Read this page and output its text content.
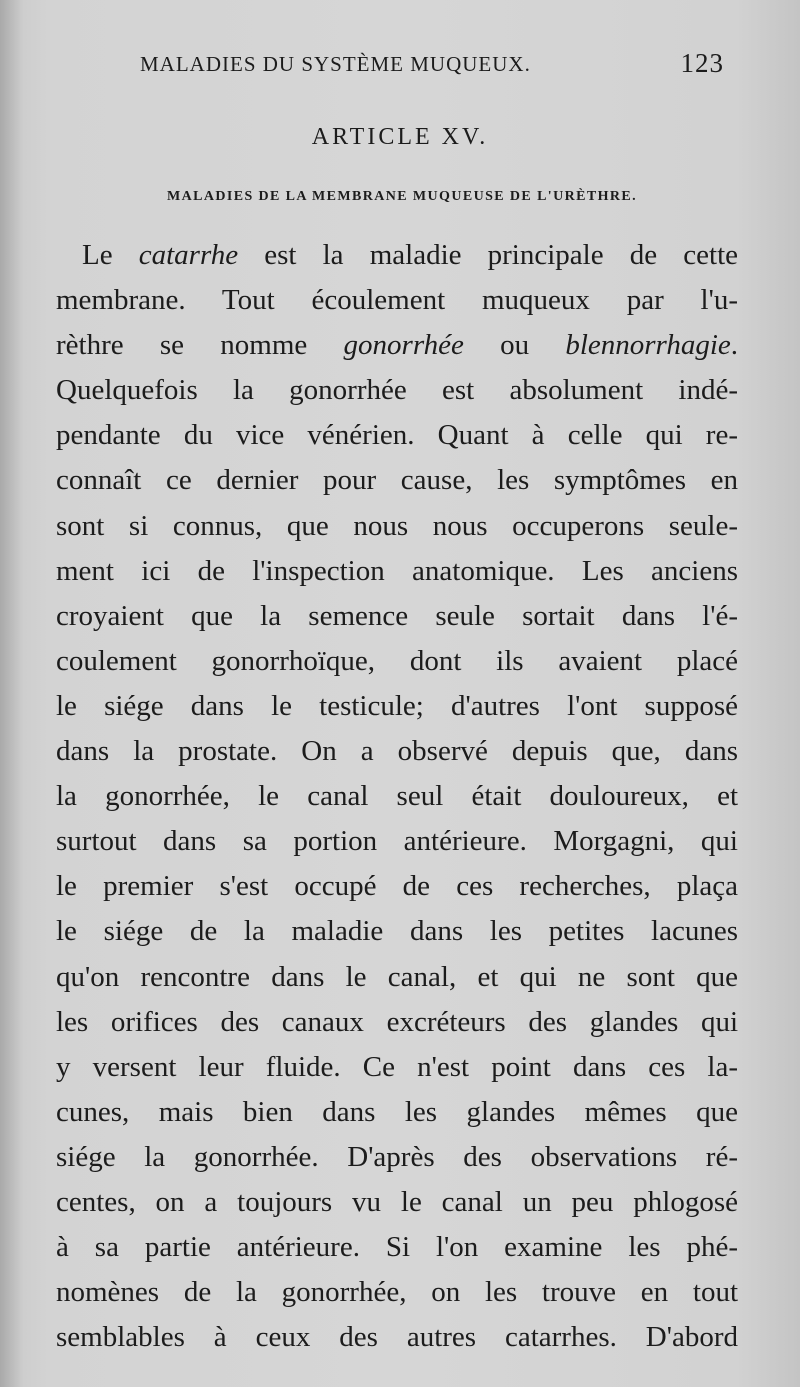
MALADIES DU SYSTÈME MUQUEUX.	123
ARTICLE XV.
MALADIES DE LA MEMBRANE MUQUEUSE DE L'URÈTHRE.
Le catarrhe est la maladie principale de cette
membrane. Tout écoulement muqueux par l'u-
rèthre se nomme gonorrhée ou blennorrhagie.
Quelquefois la gonorrhée est absolument indé-
pendante du vice vénérien. Quant à celle qui re-
connaît ce dernier pour cause, les symptômes en
sont si connus, que nous nous occuperons seule-
ment ici de l'inspection anatomique. Les anciens
croyaient que la semence seule sortait dans l'é-
coulement gonorrhoïque, dont ils avaient placé
le siége dans le testicule; d'autres l'ont supposé
dans la prostate. On a observé depuis que, dans
la gonorrhée, le canal seul était douloureux, et
surtout dans sa portion antérieure. Morgagni, qui
le premier s'est occupé de ces recherches, plaça
le siége de la maladie dans les petites lacunes
qu'on rencontre dans le canal, et qui ne sont que
les orifices des canaux excréteurs des glandes qui
y versent leur fluide. Ce n'est point dans ces la-
cunes, mais bien dans les glandes mêmes que
siége la gonorrhée. D'après des observations ré-
centes, on a toujours vu le canal un peu phlogosé
à sa partie antérieure. Si l'on examine les phé-
nomènes de la gonorrhée, on les trouve en tout
semblables à ceux des autres catarrhes. D'abord
